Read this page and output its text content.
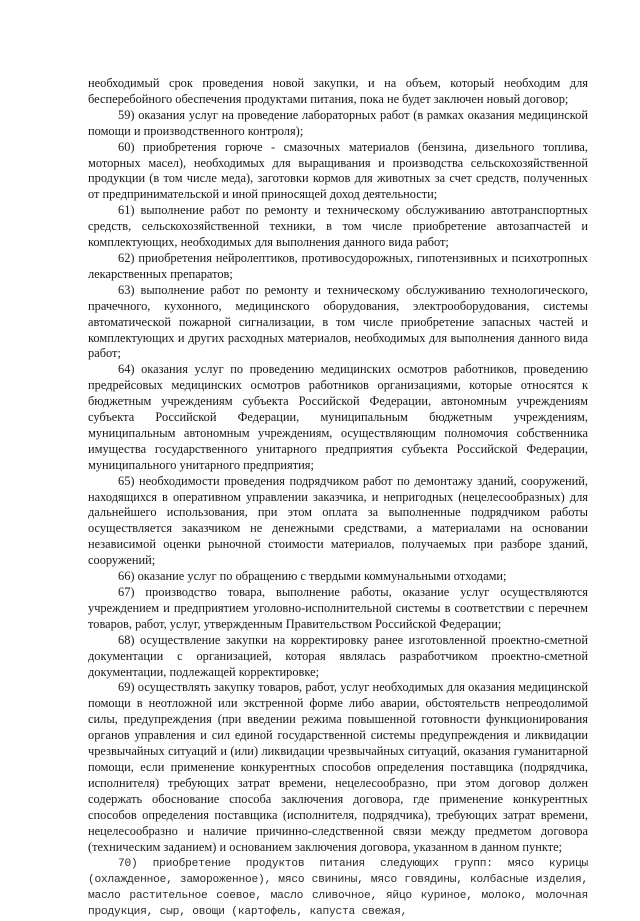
необходимый срок проведения новой закупки, и на объем, который необходим для бесперебойного обеспечения продуктами питания, пока не будет заключен новый договор;

59) оказания услуг на проведение лабораторных работ (в рамках оказания медицинской помощи и производственного контроля);

60) приобретения горюче - смазочных материалов (бензина, дизельного топлива, моторных масел), необходимых для выращивания и производства сельскохозяйственной продукции (в том числе меда), заготовки кормов для животных за счет средств, полученных от предпринимательской и иной приносящей доход деятельности;

61) выполнение работ по ремонту и техническому обслуживанию автотранспортных средств, сельскохозяйственной техники, в том числе приобретение автозапчастей и комплектующих, необходимых для выполнения данного вида работ;

62) приобретения нейролептиков, противосудорожных, гипотензивных и психотропных лекарственных препаратов;

63) выполнение работ по ремонту и техническому обслуживанию технологического, прачечного, кухонного, медицинского оборудования, электрооборудования, системы автоматической пожарной сигнализации, в том числе приобретение запасных частей и комплектующих и других расходных материалов, необходимых для выполнения данного вида работ;

64) оказания услуг по проведению медицинских осмотров работников, проведению предрейсовых медицинских осмотров работников организациями, которые относятся к бюджетным учреждениям субъекта Российской Федерации, автономным учреждениям субъекта Российской Федерации, муниципальным бюджетным учреждениям, муниципальным автономным учреждениям, осуществляющим полномочия собственника имущества государственного унитарного предприятия субъекта Российской Федерации, муниципального унитарного предприятия;

65) необходимости проведения подрядчиком работ по демонтажу зданий, сооружений, находящихся в оперативном управлении заказчика, и непригодных (нецелесообразных) для дальнейшего использования, при этом оплата за выполненные подрядчиком работы осуществляется заказчиком не денежными средствами, а материалами на основании независимой оценки рыночной стоимости материалов, получаемых при разборе зданий, сооружений;

66) оказание услуг по обращению с твердыми коммунальными отходами;

67) производство товара, выполнение работы, оказание услуг осуществляются учреждением и предприятием уголовно-исполнительной системы в соответствии с перечнем товаров, работ, услуг, утвержденным Правительством Российской Федерации;

68) осуществление закупки на корректировку ранее изготовленной проектно-сметной документации с организацией, которая являлась разработчиком проектно-сметной документации, подлежащей корректировке;

69) осуществлять закупку товаров, работ, услуг необходимых для оказания медицинской помощи в неотложной или экстренной форме либо аварии, обстоятельств непреодолимой силы, предупреждения (при введении режима повышенной готовности функционирования органов управления и сил единой государственной системы предупреждения и ликвидации чрезвычайных ситуаций и (или) ликвидации чрезвычайных ситуаций, оказания гуманитарной помощи, если применение конкурентных способов определения поставщика (подрядчика, исполнителя) требующих затрат времени, нецелесообразно, при этом договор должен содержать обоснование способа заключения договора, где применение конкурентных способов определения поставщика (исполнителя, подрядчика), требующих затрат времени, нецелесообразно и наличие причинно-следственной связи между предметом договора (техническим заданием) и основанием заключения договора, указанном в данном пункте;

70) приобретение продуктов питания следующих групп: мясо курицы (охлажденное, замороженное), мясо свинины, мясо говядины, колбасные изделия, масло растительное соевое, масло сливочное, яйцо куриное, молоко, молочная продукция, сыр, овощи (картофель, капуста свежая,
